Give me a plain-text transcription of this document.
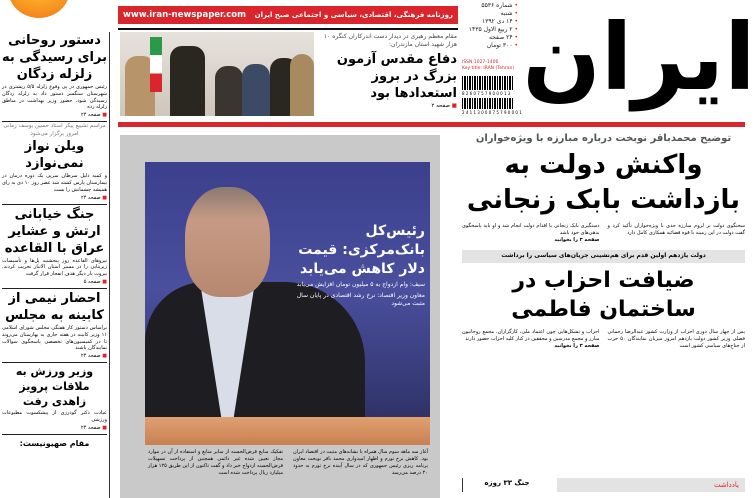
روزنامه فرهنگی، اقتصادی، سیاسی و اجتماعی صبح ایران
www.iran-newspaper.com	ایران
• شماره ۵۵۳۶
• شنبه
• ۱۴ دی ۱۳۹۲
• ۲ ربیع الاول ۱۴۳۵
• ۲۴ صفحه
• ۳۰۰ تومان
ISSN 1027-1406
Key title: IRAN (Tehran)
8 2 6 0 7 5 7 9 0 0 0 1 3
2 4 1 1 3 0 0 0 7 5 7 9 0 0 0 1
مقام معظم رهبری در دیدار دست اندرکاران کنگره ۱۰ هزار شهید استان مازندران:
دفاع مقدس آزمون بزرگ در بروز استعدادها بود
■ صفحه ۲
دستور روحانی برای رسیدگی به زلزله زدگان

رئیس جمهوری در پی وقوع زلزله ۵/۵ ریشتری در شهرستان سنگسر دستور داد به زلزله زدگان رسیدگی شود. حضور وزیر بهداشت در مناطق زلزله زده

■ صفحه ۲۴
مراسم تشییع پیکر استاد حسین یوسف زمانی امروز برگزار می‌شود
ویلن نواز نمی‌نوازد

و کمبه دلیل سرطان سرپی یک دوره درمان در بیمارستان پارس کشته شد عصر روز ۱۰ دی به رای همیشه چشمانش را بست

■ صفحه ۲۴
جنگ خیابانی ارتش و عشایر عراق با القاعده

نیروهای القاعده روز پنجشنبه پل‌ها و تأسیسات زیربنایی را در مسیر استان الانبار تخریب کردند. بیروت بار دیگر هدف انفجار قرار گرفت

■ صفحه ۵
احضار نیمی از کابینه به مجلس

براساس دستور کار هفتگی مجلس شورای اسلامی ۱۱ وزیر کابینه در هفته جاری به بهارستان می‌روند تا در کمیسیون‌های تخصصی پاسخگوی سوالات نمایندگان باشند

■ صفحه ۲۴
وزیر ورزش به ملاقات پرویز زاهدی رفت

عیادت دکتر گودرزی از پیشکسوت مطبوعات ورزشی

■ صفحه ۲۴
مقام صهیونیست:
رئیس‌کل بانک‌مرکزی: قیمت دلار کاهش می‌یابد

سیف: وام ازدواج به ۵ میلیون تومان افزایش می‌یابد

معاون وزیر اقتصاد: نرخ رشد اقتصادی در پایان سال مثبت می‌شود

آغاز سه ماهه سوم سال همراه با نشانه‌های مثبت در اقتصاد ایران بود. کاهش نرخ تورم و اظهار امیدواری محمد باقر نوبخت معاون برنامه ریزی رئیس جمهوری که در سال آینده نرخ تورم به حدود ۲۰ درصد می‌رسد
تفکیک منابع قرض‌الحسنه از سایر منابع و استفاده از آن در موارد مجاز تعیین شده غیر دائمی همچنین از پرداخت تسهیلات قرض‌الحسنه ازدواج خبر داد و گفت تاکنون از این طریق ۱۲۵ هزار میلیارد ریال پرداخت شده است
توضیح محمدباقر نوبخت درباره مبارزه با ویژه‌خواران
واکنش دولت به بازداشت بابک زنجانی
سخنگوی دولت بر لزوم مبارزه جدی با ویژه‌خواران تأکید کرد و گفت دولت در این زمینه با قوه قضائیه همکاری کامل دارد
دستگیری بابک زنجانی با اقدام دولت انجام شد و او باید پاسخگوی بدهی‌های خود باشد
صفحه ۳ را بخوانید
دولت یازدهم اولین قدم برای هم‌نشینی جریان‌های سیاسی را برداشت
ضیافت احزاب در ساختمان فاطمی
پس از چهار سال دوری احزاب از وزارت کشور عبدالرضا رحمانی فضلی وزیر کشور دولت یازدهم امروز میزبان نمایندگان ۵۰ حزب از جناح‌های سیاسی کشور است
احزاب و تشکل‌هایی چون اعتماد ملی، کارگزاران، مجمع روحانیون مبارز و مجمع مدرسین و محققین در کنار کلیه احزاب حضور دارند
صفحه ۳ را بخوانید
یادداشت
جنگ ۳۳ روزه
